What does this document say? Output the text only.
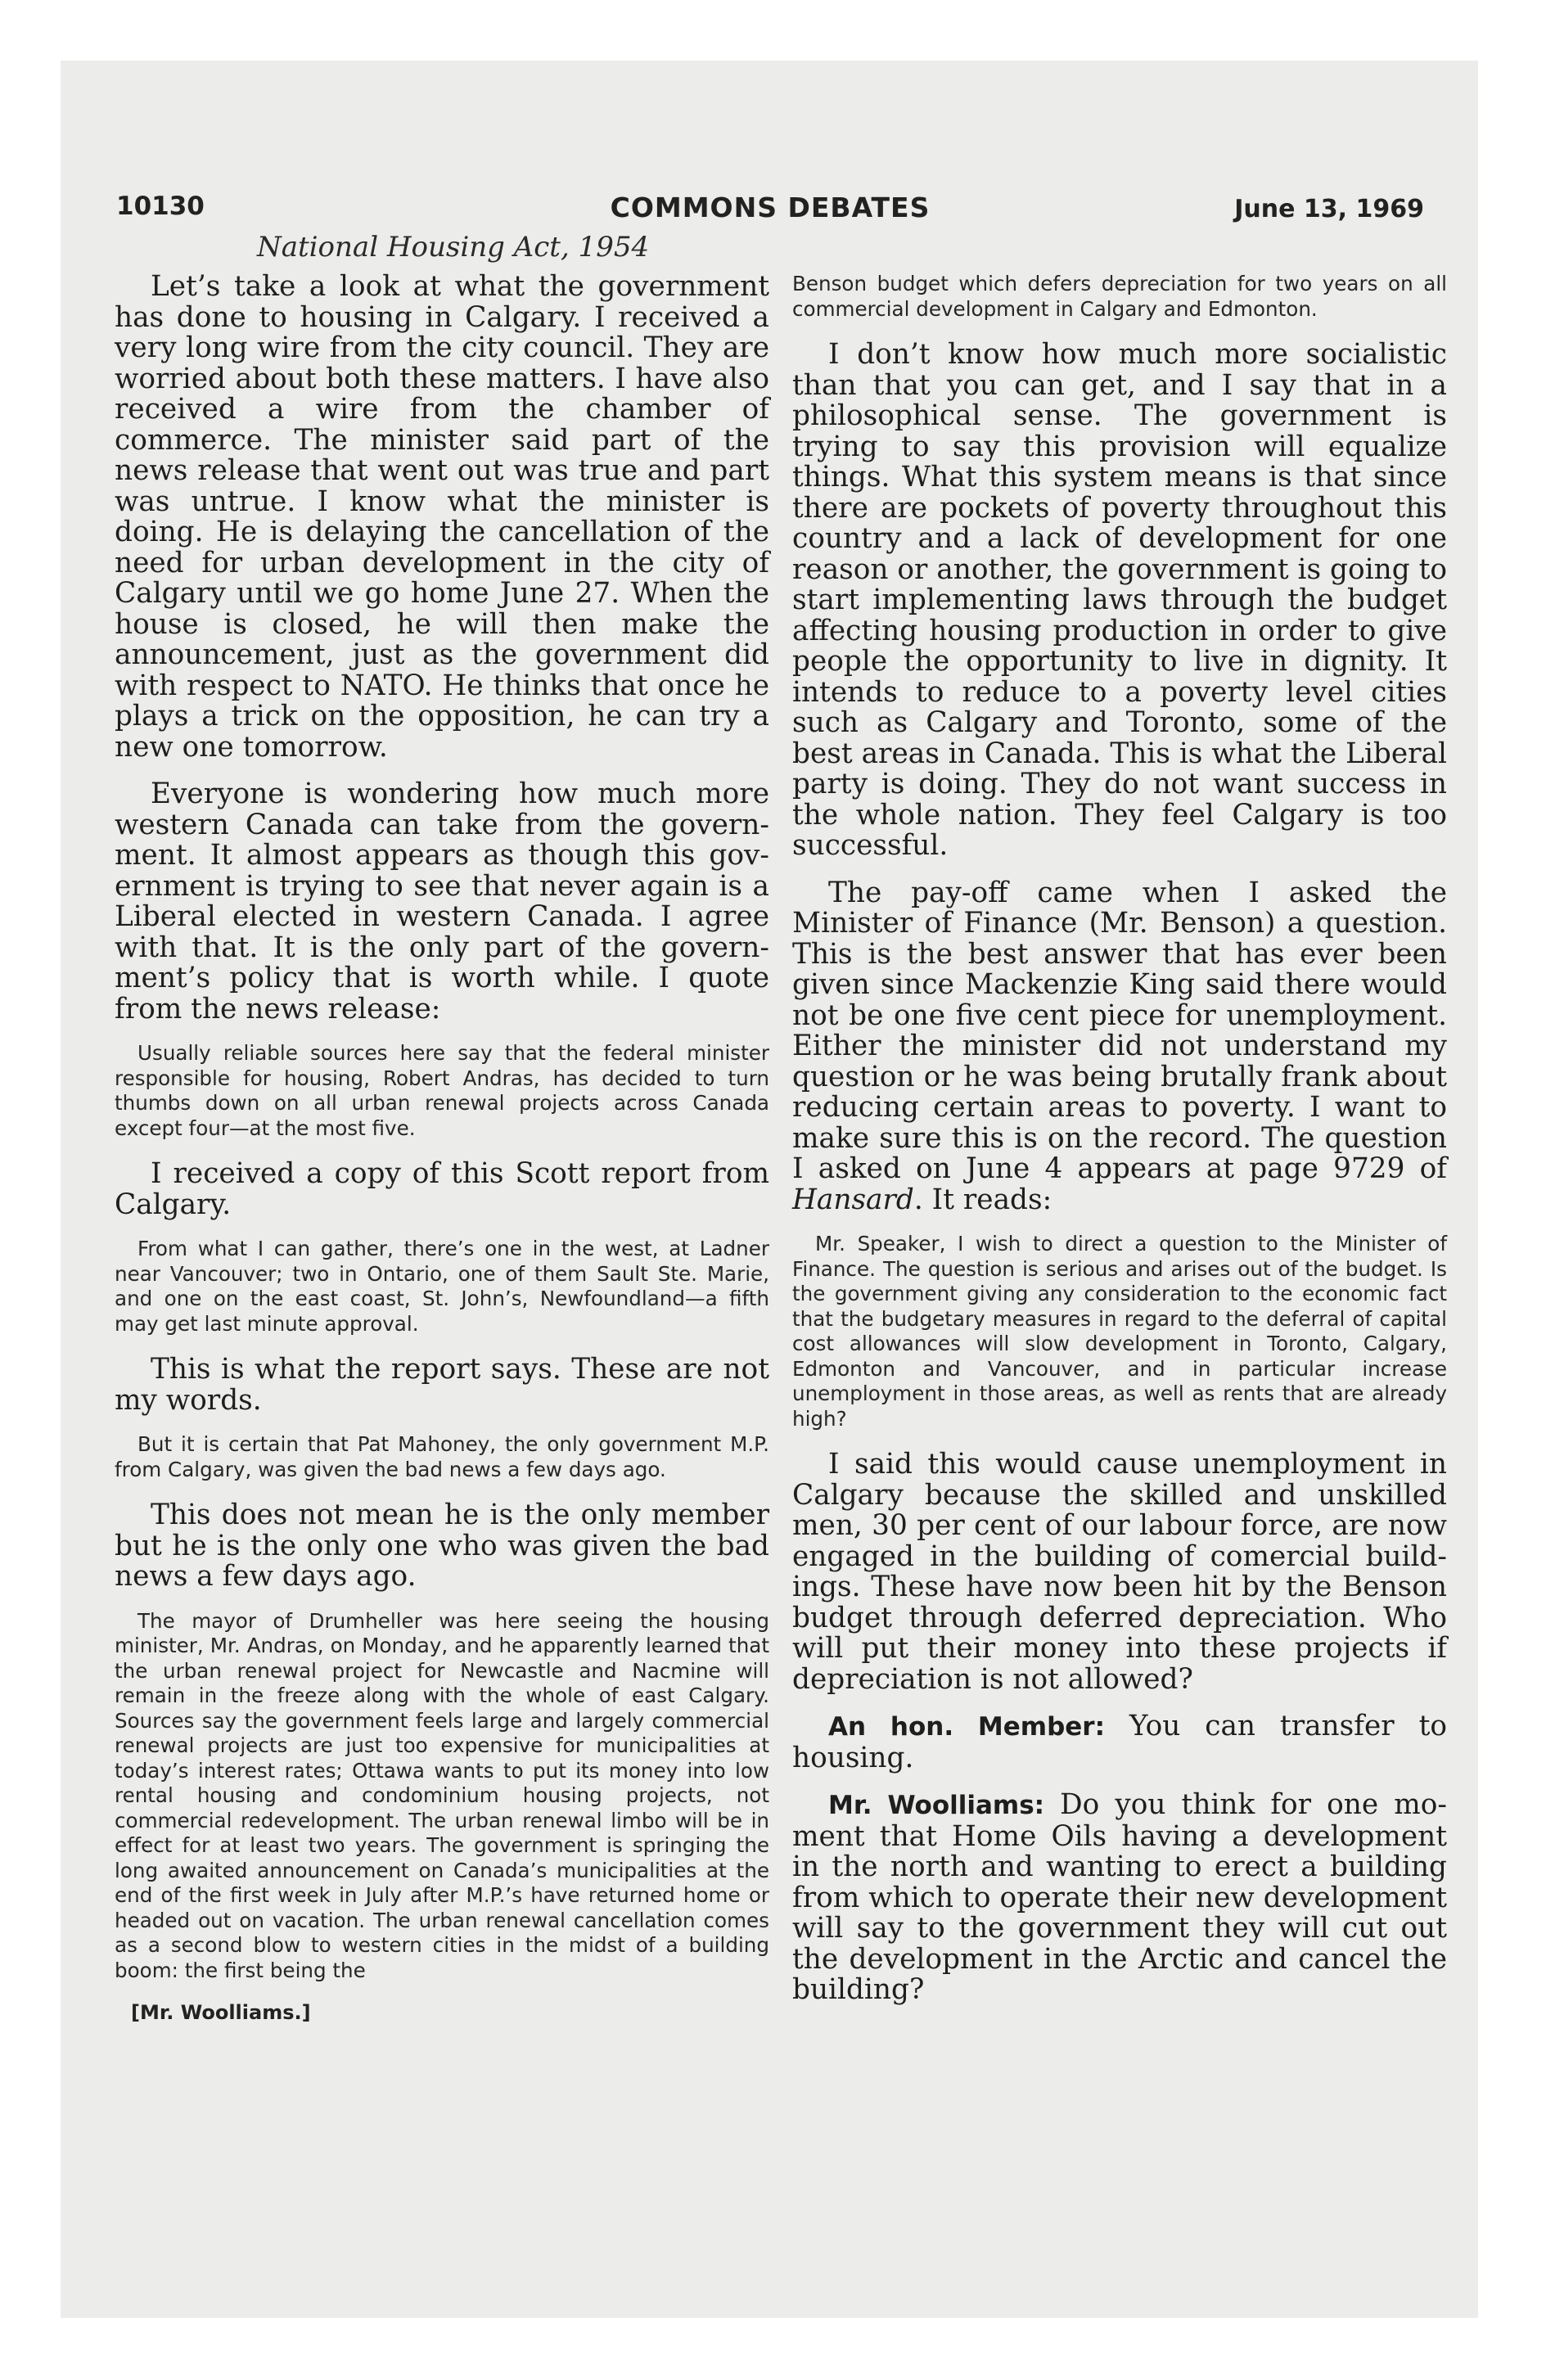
10130	COMMONS DEBATES	June 13, 1969
National Housing Act, 1954

Let’s take a look at what the government has done to housing in Calgary. I received a very long wire from the city council. They are worried about both these matters. I have also received a wire from the chamber of commerce. The minister said part of the news release that went out was true and part was untrue. I know what the minister is doing. He is delaying the cancellation of the need for urban development in the city of Calgary until we go home June 27. When the house is closed, he will then make the announcement, just as the government did with respect to NATO. He thinks that once he plays a trick on the opposition, he can try a new one tomorrow.

Everyone is wondering how much more western Canada can take from the government. It almost appears as though this government is trying to see that never again is a Liberal elected in western Canada. I agree with that. It is the only part of the government’s policy that is worth while. I quote from the news release:

Usually reliable sources here say that the federal minister responsible for housing, Robert Andras, has decided to turn thumbs down on all urban renewal projects across Canada except four—at the most five.

I received a copy of this Scott report from Calgary.

From what I can gather, there’s one in the west, at Ladner near Vancouver; two in Ontario, one of them Sault Ste. Marie, and one on the east coast, St. John’s, Newfoundland—a fifth may get last minute approval.

This is what the report says. These are not my words.

But it is certain that Pat Mahoney, the only government M.P. from Calgary, was given the bad news a few days ago.

This does not mean he is the only member but he is the only one who was given the bad news a few days ago.

The mayor of Drumheller was here seeing the housing minister, Mr. Andras, on Monday, and he apparently learned that the urban renewal project for Newcastle and Nacmine will remain in the freeze along with the whole of east Calgary. Sources say the government feels large and largely commercial renewal projects are just too expensive for municipalities at today’s interest rates; Ottawa wants to put its money into low rental housing and condominium housing projects, not commercial redevelopment. The urban renewal limbo will be in effect for at least two years. The government is springing the long awaited announcement on Canada’s municipalities at the end of the first week in July after M.P.’s have returned home or headed out on vacation. The urban renewal cancellation comes as a second blow to western cities in the midst of a building boom: the first being the

[Mr. Woolliams.]

Benson budget which defers depreciation for two years on all commercial development in Calgary and Edmonton.

I don’t know how much more socialistic than that you can get, and I say that in a philosophical sense. The government is trying to say this provision will equalize things. What this system means is that since there are pockets of poverty throughout this country and a lack of development for one reason or another, the government is going to start implementing laws through the budget affecting housing production in order to give people the opportunity to live in dignity. It intends to reduce to a poverty level cities such as Calgary and Toronto, some of the best areas in Canada. This is what the Liberal party is doing. They do not want success in the whole nation. They feel Calgary is too successful.

The pay-off came when I asked the Minister of Finance (Mr. Benson) a question. This is the best answer that has ever been given since Mackenzie King said there would not be one five cent piece for unemployment. Either the minister did not understand my question or he was being brutally frank about reducing certain areas to poverty. I want to make sure this is on the record. The question I asked on June 4 appears at page 9729 of Hansard. It reads:

Mr. Speaker, I wish to direct a question to the Minister of Finance. The question is serious and arises out of the budget. Is the government giving any consideration to the economic fact that the budgetary measures in regard to the deferral of capital cost allowances will slow development in Toronto, Calgary, Edmonton and Vancouver, and in particular increase unemployment in those areas, as well as rents that are already high?

I said this would cause unemployment in Calgary because the skilled and unskilled men, 30 per cent of our labour force, are now engaged in the building of comercial buildings. These have now been hit by the Benson budget through deferred depreciation. Who will put their money into these projects if depreciation is not allowed?

An hon. Member: You can transfer to housing.

Mr. Woolliams: Do you think for one moment that Home Oils having a development in the north and wanting to erect a building from which to operate their new development will say to the government they will cut out the development in the Arctic and cancel the building?
